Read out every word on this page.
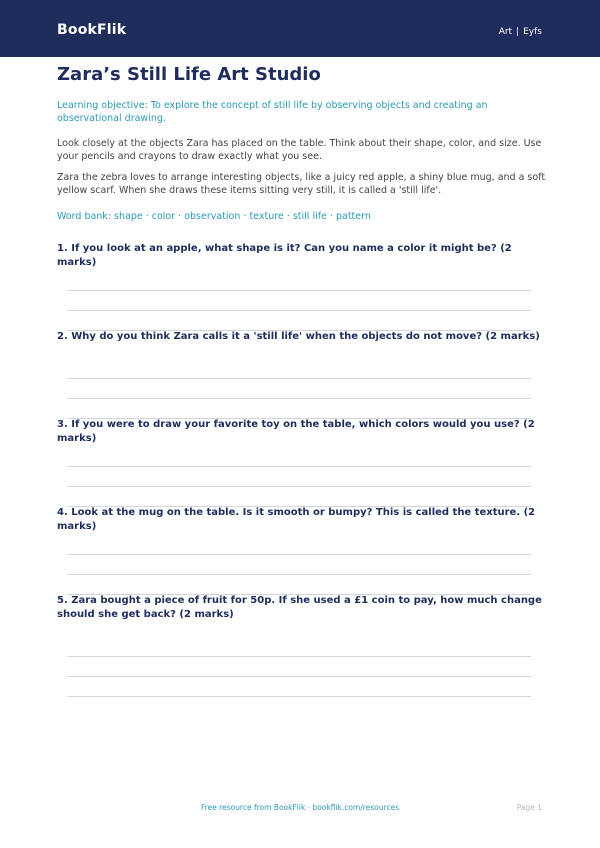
BookFlik	Art | Eyfs
Zara’s Still Life Art Studio
Learning objective: To explore the concept of still life by observing objects and creating an observational drawing.
Look closely at the objects Zara has placed on the table. Think about their shape, color, and size. Use your pencils and crayons to draw exactly what you see.
Zara the zebra loves to arrange interesting objects, like a juicy red apple, a shiny blue mug, and a soft yellow scarf. When she draws these items sitting very still, it is called a 'still life'.
Word bank: shape · color · observation · texture · still life · pattern
1. If you look at an apple, what shape is it? Can you name a color it might be? (2 marks)
2. Why do you think Zara calls it a 'still life' when the objects do not move? (2 marks)
3. If you were to draw your favorite toy on the table, which colors would you use? (2 marks)
4. Look at the mug on the table. Is it smooth or bumpy? This is called the texture. (2 marks)
5. Zara bought a piece of fruit for 50p. If she used a £1 coin to pay, how much change should she get back? (2 marks)
Free resource from BookFlik · bookflik.com/resources	Page 1
